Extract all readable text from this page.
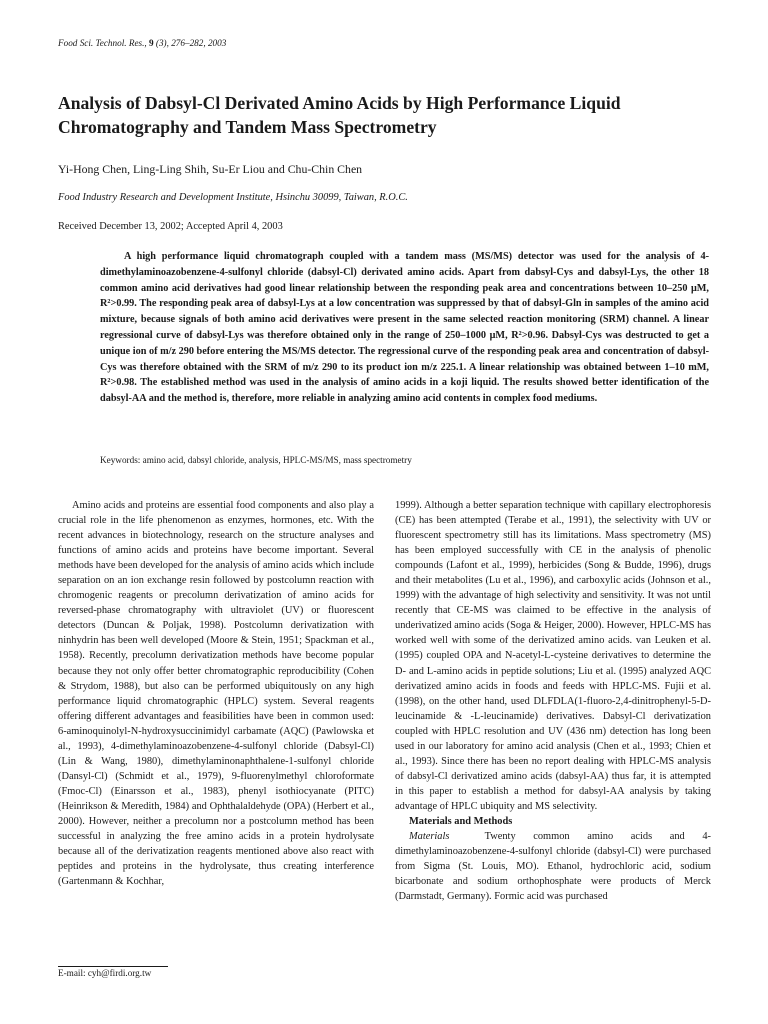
Food Sci. Technol. Res., 9 (3), 276–282, 2003
Analysis of Dabsyl-Cl Derivated Amino Acids by High Performance Liquid Chromatography and Tandem Mass Spectrometry
Yi-Hong Chen, Ling-Ling Shih, Su-Er Liou and Chu-Chin Chen
Food Industry Research and Development Institute, Hsinchu 30099, Taiwan, R.O.C.
Received December 13, 2002; Accepted April 4, 2003
A high performance liquid chromatograph coupled with a tandem mass (MS/MS) detector was used for the analysis of 4-dimethylaminoazobenzene-4-sulfonyl chloride (dabsyl-Cl) derivated amino acids. Apart from dabsyl-Cys and dabsyl-Lys, the other 18 common amino acid derivatives had good linear relationship between the responding peak area and concentrations between 10–250 μM, R²>0.99. The responding peak area of dabsyl-Lys at a low concentration was suppressed by that of dabsyl-Gln in samples of the amino acid mixture, because signals of both amino acid derivatives were present in the same selected reaction monitoring (SRM) channel. A linear regressional curve of dabsyl-Lys was therefore obtained only in the range of 250–1000 μM, R²>0.96. Dabsyl-Cys was destructed to get a unique ion of m/z 290 before entering the MS/MS detector. The regressional curve of the responding peak area and concentration of dabsyl-Cys was therefore obtained with the SRM of m/z 290 to its product ion m/z 225.1. A linear relationship was obtained between 1–10 mM, R²>0.98. The established method was used in the analysis of amino acids in a koji liquid. The results showed better identification of the dabsyl-AA and the method is, therefore, more reliable in analyzing amino acid contents in complex food mediums.
Keywords: amino acid, dabsyl chloride, analysis, HPLC-MS/MS, mass spectrometry

Amino acids and proteins are essential food components and also play a crucial role in the life phenomenon as enzymes, hormones, etc. With the recent advances in biotechnology, research on the structure analyses and functions of amino acids and proteins have become important. Several methods have been developed for the analysis of amino acids which include separation on an ion exchange resin followed by postcolumn reaction with chromogenic reagents or precolumn derivatization of amino acids for reversed-phase chromatography with ultraviolet (UV) or fluorescent detectors (Duncan & Poljak, 1998). Postcolumn derivatization with ninhydrin has been well developed (Moore & Stein, 1951; Spackman et al., 1958). Recently, precolumn derivatization methods have become popular because they not only offer better chromatographic reproducibility (Cohen & Strydom, 1988), but also can be performed ubiquitously on any high performance liquid chromatographic (HPLC) system. Several reagents offering different advantages and feasibilities have been in common used: 6-aminoquinolyl-N-hydroxysuccinimidyl carbamate (AQC) (Pawlowska et al., 1993), 4-dimethylaminoazobenzene-4-sulfonyl chloride (Dabsyl-Cl) (Lin & Wang, 1980), dimethylaminonaphthalene-1-sulfonyl chloride (Dansyl-Cl) (Schmidt et al., 1979), 9-fluorenylmethyl chloroformate (Fmoc-Cl) (Einarsson et al., 1983), phenyl isothiocyanate (PITC) (Heinrikson & Meredith, 1984) and Ophthalaldehyde (OPA) (Herbert et al., 2000). However, neither a precolumn nor a postcolumn method has been successful in analyzing the free amino acids in a protein hydrolysate because all of the derivatization reagents mentioned above also react with peptides and proteins in the hydrolysate, thus creating interference (Gartenmann & Kochhar,

1999). Although a better separation technique with capillary electrophoresis (CE) has been attempted (Terabe et al., 1991), the selectivity with UV or fluorescent spectrometry still has its limitations. Mass spectrometry (MS) has been employed successfully with CE in the analysis of phenolic compounds (Lafont et al., 1999), herbicides (Song & Budde, 1996), drugs and their metabolites (Lu et al., 1996), and carboxylic acids (Johnson et al., 1999) with the advantage of high selectivity and sensitivity. It was not until recently that CE-MS was claimed to be effective in the analysis of underivatized amino acids (Soga & Heiger, 2000). However, HPLC-MS has worked well with some of the derivatized amino acids. van Leuken et al. (1995) coupled OPA and N-acetyl-L-cysteine derivatives to determine the D- and L-amino acids in peptide solutions; Liu et al. (1995) analyzed AQC derivatized amino acids in foods and feeds with HPLC-MS. Fujii et al. (1998), on the other hand, used DLFDLA(1-fluoro-2,4-dinitrophenyl-5-D-leucinamide & -L-leucinamide) derivatives. Dabsyl-Cl derivatization coupled with HPLC resolution and UV (436 nm) detection has long been used in our laboratory for amino acid analysis (Chen et al., 1993; Chien et al., 1993). Since there has been no report dealing with HPLC-MS analysis of dabsyl-Cl derivatized amino acids (dabsyl-AA) thus far, it is attempted in this paper to establish a method for dabsyl-AA analysis by taking advantage of HPLC ubiquity and MS selectivity.

Materials and Methods

Materials	Twenty common amino acids and 4-dimethylaminoazobenzene-4-sulfonyl chloride (dabsyl-Cl) were purchased from Sigma (St. Louis, MO). Ethanol, hydrochloric acid, sodium bicarbonate and sodium orthophosphate were products of Merck (Darmstadt, Germany). Formic acid was purchased

E-mail: cyh@firdi.org.tw
